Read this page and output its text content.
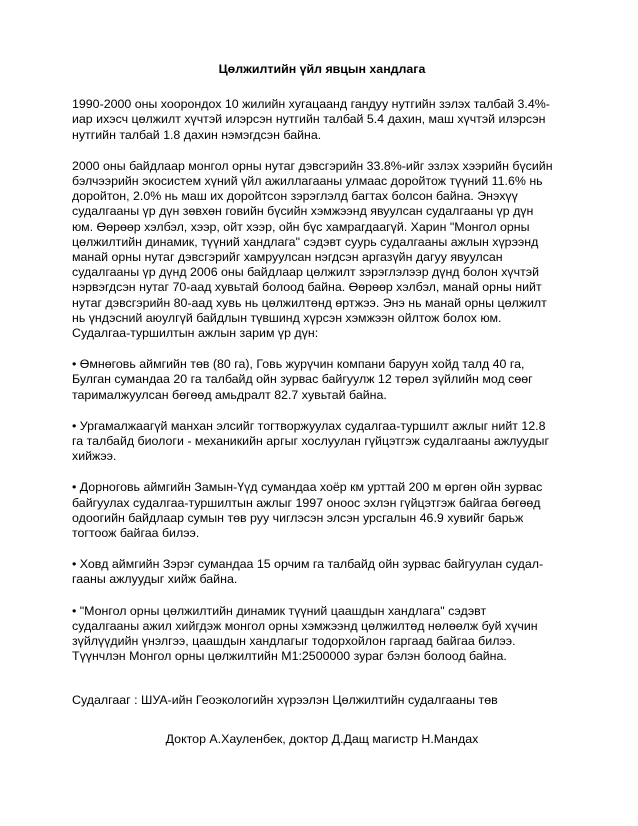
Цөлжилтийн үйл явцын хандлага
1990-2000 оны хоорондох 10 жилийн хугацаанд гандуу нутгийн зэлэх талбай 3.4%-
иар ихэсч цөлжилт хүчтэй илэрсэн нутгийн талбай 5.4 дахин, маш хүчтэй илэрсэн
нутгийн талбай 1.8 дахин нэмэгдсэн байна.
2000 оны байдлаар монгол орны нутаг дэвсгэрийн 33.8%-ийг эзлэх хээрийн бүсийн
бэлчээрийн экосистем хүний үйл ажиллагааны улмаас доройтож түүний 11.6% нь
доройтон, 2.0% нь маш их доройтсон зэрэглэлд багтах болсон байна. Энэхүү
судалгааны үр дүн зөвхөн говийн бүсийн хэмжээнд явуулсан судалгааны үр дүн
юм. Өөрөөр хэлбэл, хээр, ойт хээр, ойн бүс хамрагдаагүй. Харин "Монгол орны
цөлжилтийн динамик, түүний хандлага" сэдэвт суурь судалгааны ажлын хүрээнд
манай орны нутаг дэвсгэрийг хамруулсан нэгдсэн аргазүйн дагуу явуулсан
судалгааны үр дүнд 2006 оны байдлаар цөлжилт зэрэглэлээр дүнд болон хүчтэй
нэрвэгдсэн нутаг 70-аад хувьтай болоод байна. Өөрөөр хэлбэл, манай орны нийт
нутаг дэвсгэрийн 80-аад хувь нь цөлжилтөнд өртжээ. Энэ нь манай орны цөлжилт
нь үндэсний аюулгүй байдлын түвшинд хүрсэн хэмжээн ойлтож болох юм.
Судалгаа-туршилтын ажлын зарим үр дүн:
• Өмнөговь аймгийн төв (80 га), Говь журүчин компани баруун хойд талд 40 га,
Булган сумандаа 20 га талбайд ойн зурвас байгуулж 12 төрөл зүйлийн мод сөөг
тарималжуулсан бөгөөд амьдралт 82.7 хувьтай байна.
• Ургамалжаагүй манхан элсийг тогтворжуулах судалгаа-туршилт ажлыг нийт 12.8
га талбайд биологи - механикийн аргыг хослуулан гүйцэтгэж судалгааны ажлуудыг
хийжээ.
• Дорноговь аймгийн Замын-Үүд сумандаа хоёр км урттай 200 м өргөн ойн зурвас
байгуулах судалгаа-туршилтын ажлыг 1997 оноос эхлэн гүйцэтгэж байгаа бөгөөд
одоогийн байдлаар сумын төв руу чиглэсэн элсэн урсгалын 46.9 хувийг барьж
тогтоож байгаа билээ.
• Ховд аймгийн Зэрэг сумандаа 15 орчим га талбайд ойн зурвас байгуулан судал-
гааны ажлуудыг хийж байна.
• "Монгол орны цөлжилтийн динамик түүний цаашдын хандлага" сэдэвт
судалгааны ажил хийгдэж монгол орны хэмжээнд цөлжилтөд нөлөөлж буй хүчин
зүйлүүдийн үнэлгээ, цаашдын хандлагыг тодорхойлон гаргаад байгаа билээ.
Түүнчлэн Монгол орны цөлжилтийн М1:2500000 зураг бэлэн болоод байна.
Судалгааг : ШУА-ийн Геоэкологийн хүрээлэн Цөлжилтийн судалгааны төв
Доктор А.Хауленбек, доктор Д.Дащ магистр Н.Мандах
